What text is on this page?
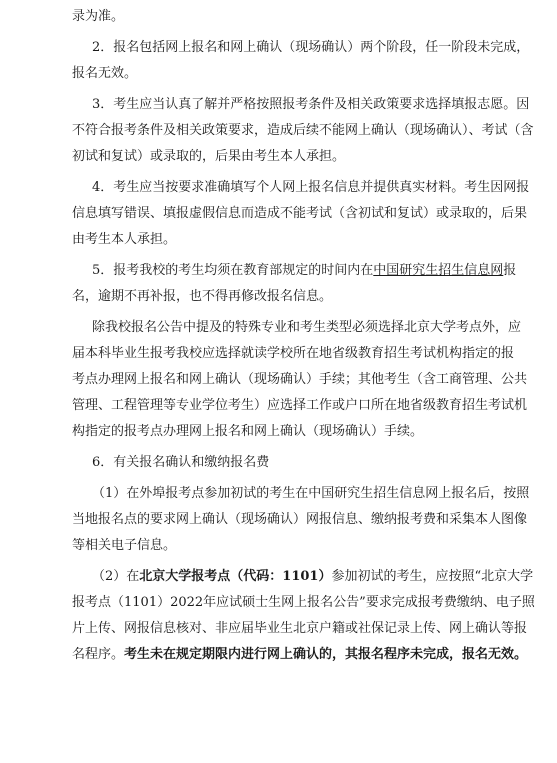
录为准。
2．报名包括网上报名和网上确认（现场确认）两个阶段，任一阶段未完成，
报名无效。
3．考生应当认真了解并严格按照报考条件及相关政策要求选择填报志愿。因
不符合报考条件及相关政策要求，造成后续不能网上确认（现场确认）、考试（含
初试和复试）或录取的，后果由考生本人承担。
4．考生应当按要求准确填写个人网上报名信息并提供真实材料。考生因网报
信息填写错误、填报虚假信息而造成不能考试（含初试和复试）或录取的，后果
由考生本人承担。
5．报考我校的考生均须在教育部规定的时间内在中国研究生招生信息网报
名，逾期不再补报，也不得再修改报名信息。
除我校报名公告中提及的特殊专业和考生类型必须选择北京大学考点外，应
届本科毕业生报考我校应选择就读学校所在地省级教育招生考试机构指定的报
考点办理网上报名和网上确认（现场确认）手续；其他考生（含工商管理、公共
管理、工程管理等专业学位考生）应选择工作或户口所在地省级教育招生考试机
构指定的报考点办理网上报名和网上确认（现场确认）手续。
6．有关报名确认和缴纳报名费
（1）在外埠报考点参加初试的考生在中国研究生招生信息网上报名后，按照
当地报名点的要求网上确认（现场确认）网报信息、缴纳报考费和采集本人图像
等相关电子信息。
（2）在北京大学报考点（代码：1101）参加初试的考生，应按照“北京大学
报考点（1101）2022年应试硕士生网上报名公告”要求完成报考费缴纳、电子照
片上传、网报信息核对、非应届毕业生北京户籍或社保记录上传、网上确认等报
名程序。考生未在规定期限内进行网上确认的，其报名程序未完成，报名无效。
